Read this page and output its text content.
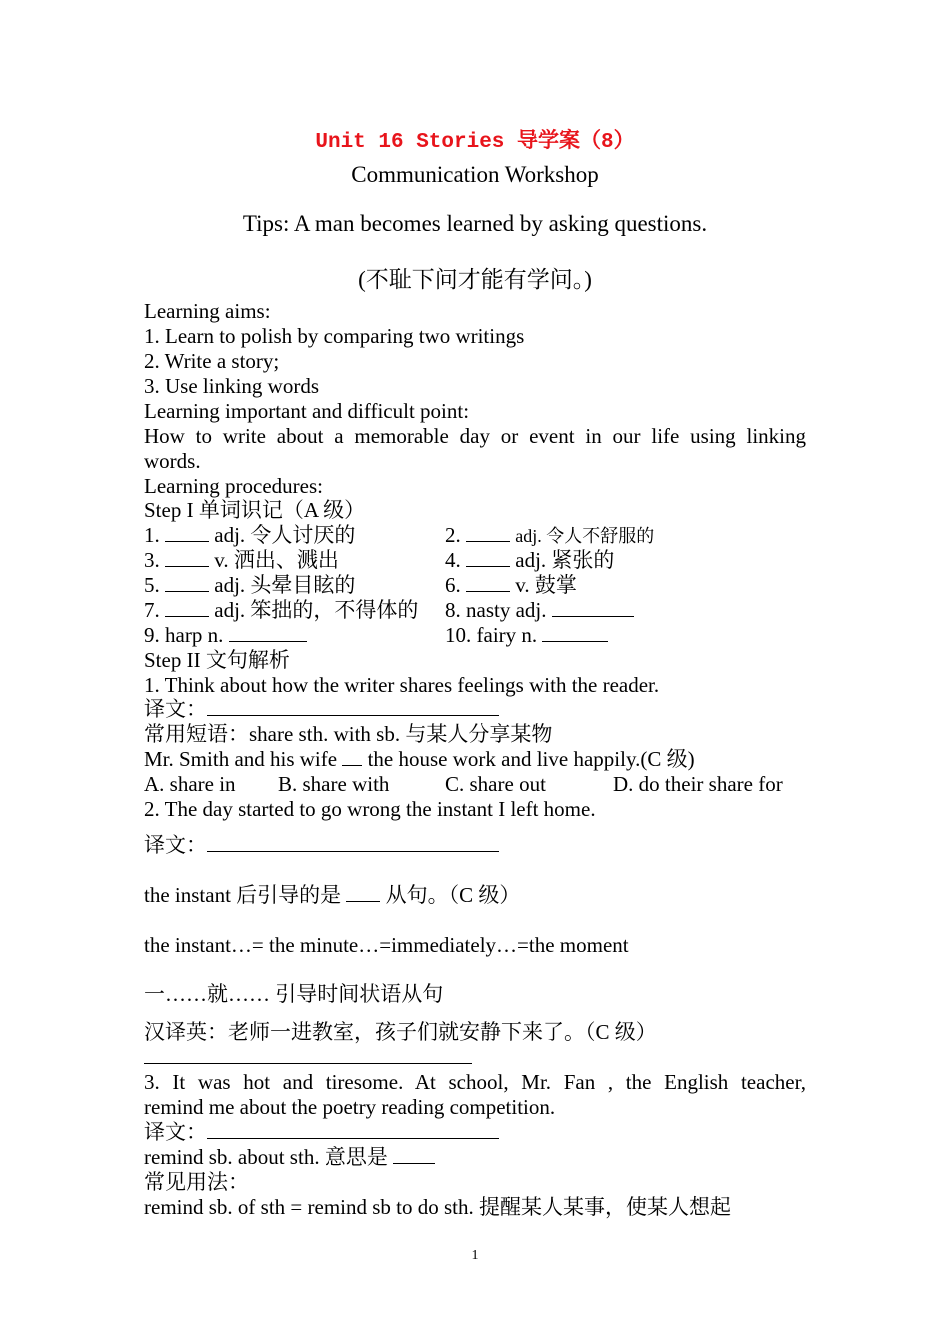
Unit 16 Stories 导学案（8）
Communication Workshop
Tips: A man becomes learned by asking questions.
(不耻下问才能有学问。)
Learning aims:
1. Learn to polish by comparing two writings
2. Write a story;
3. Use linking words
Learning important and difficult point:
How to write about a memorable day or event in our life using linking
words.
Learning procedures:
Step I 单词识记（A 级）
1.	adj. 令人讨厌的	2.	adj. 令人不舒服的
3.	v. 洒出、溅出	4.	adj. 紧张的
5.	adj. 头晕目眩的	6.	v. 鼓掌
7.	adj. 笨拙的，不得体的 8. nasty adj.
9. harp n.	10. fairy n.
Step II 文句解析
1. Think about how the writer shares feelings with the reader.
译文：
常用短语：share sth. with sb. 与某人分享某物
Mr. Smith and his wife the house work and live happily.(C 级)
A. share in B. share with	C. share out	D. do their share for
2. The day started to go wrong the instant I left home.
译文：
the instant 后引导的是 从句。（C 级）
the instant…= the minute…=immediately…=the moment
一……就…… 引导时间状语从句
汉译英：老师一进教室，孩子们就安静下来了。（C 级）
3. It was hot and tiresome. At school, Mr. Fan , the English teacher,
remind me about the poetry reading competition.
译文：
remind sb. about sth. 意思是
常见用法：
remind sb. of sth = remind sb to do sth. 提醒某人某事，使某人想起
1
